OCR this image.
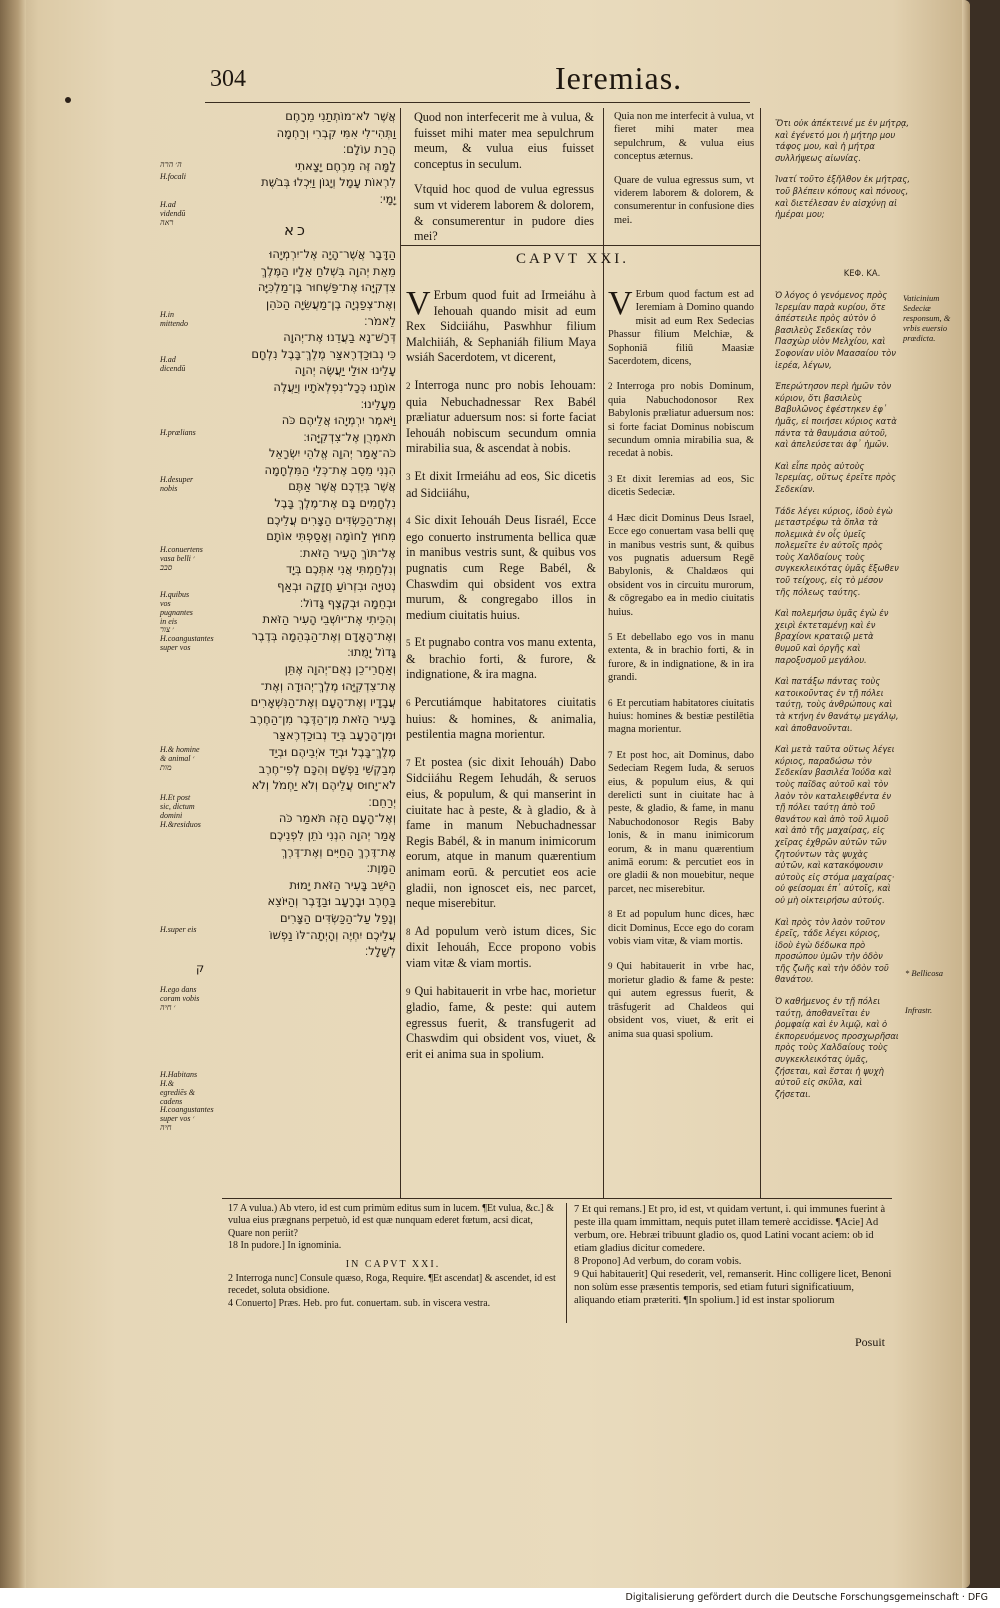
304	Ieremias.
אֲשֶׁר לֹא־מוֹתְתַנִי מֵרָחֶם
וַתְּהִי־לִי אִמִּי קִבְרִי וְרַחְמָה
הֲרַת עוֹלָם׃
לָמָּה זֶּה מֵרֶחֶם יָצָאתִי
לִרְאוֹת עָמָל וְיָגוֹן וַיִּכְלוּ בְּבֹשֶׁת
יָמָי׃
כא
הַדָּבָר אֲשֶׁר־הָיָה אֶל־יִרְמְיָהוּ
מֵאֵת יְהוָה בִּשְׁלֹחַ אֵלָיו הַמֶּלֶךְ
צִדְקִיָּהוּ אֶת־פַּשְׁחוּר בֶּן־מַלְכִּיָּה
וְאֶת־צְפַנְיָה בֶן־מַעֲשֵׂיָה הַכֹּהֵן
לֵאמֹר׃
דְּרָשׁ־נָא בַעֲדֵנוּ אֶת־יְהוָה
כִּי נְבוּכַדְרֶאצַּר מֶלֶךְ־בָּבֶל נִלְחָם
עָלֵינוּ אוּלַי יַעֲשֶׂה יְהוָה
אוֹתָנוּ כְּכָל־נִפְלְאֹתָיו וְיַעֲלֶה
מֵעָלֵינוּ׃
וַיֹּאמֶר יִרְמְיָהוּ אֲלֵיהֶם כֹּה
תֹאמְרֻן אֶל־צִדְקִיָּהוּ׃
כֹּה־אָמַר יְהוָה אֱלֹהֵי יִשְׂרָאֵל
הִנְנִי מֵסֵב אֶת־כְּלֵי הַמִּלְחָמָה
אֲשֶׁר בְּיֶדְכֶם אֲשֶׁר אַתֶּם
נִלְחָמִים בָּם אֶת־מֶלֶךְ בָּבֶל
וְאֶת־הַכַּשְׂדִּים הַצָּרִים עֲלֵיכֶם
מִחוּץ לַחוֹמָה וְאָסַפְתִּי אוֹתָם
אֶל־תּוֹךְ הָעִיר הַזֹּאת׃
וְנִלְחַמְתִּי אֲנִי אִתְּכֶם בְּיָד
נְטוּיָה וּבִזְרוֹעַ חֲזָקָה וּבְאַף
וּבְחֵמָה וּבְקֶצֶף גָּדוֹל׃
וְהִכֵּיתִי אֶת־יוֹשְׁבֵי הָעִיר הַזֹּאת
וְאֶת־הָאָדָם וְאֶת־הַבְּהֵמָה בְּדֶבֶר
גָּדוֹל יָמֻתוּ׃
וְאַחֲרֵי־כֵן נְאֻם־יְהוָה אֶתֵּן
אֶת־צִדְקִיָּהוּ מֶלֶךְ־יְהוּדָה וְאֶת־
עֲבָדָיו וְאֶת־הָעָם וְאֶת־הַנִּשְׁאָרִים
בָּעִיר הַזֹּאת מִן־הַדֶּבֶר מִן־הַחֶרֶב
וּמִן־הָרָעָב בְּיַד נְבוּכַדְרֶאצַּר
מֶלֶךְ־בָּבֶל וּבְיַד אֹיְבֵיהֶם וּבְיַד
מְבַקְשֵׁי נַפְשָׁם וְהִכָּם לְפִי־חֶרֶב
לֹא־יָחוּס עֲלֵיהֶם וְלֹא יַחְמֹל וְלֹא
יְרַחֵם׃
וְאֶל־הָעָם הַזֶּה תֹּאמַר כֹּה
אָמַר יְהוָה הִנְנִי נֹתֵן לִפְנֵיכֶם
אֶת־דֶּרֶךְ הַחַיִּים וְאֶת־דֶּרֶךְ
הַמָּוֶת׃
הַיֹּשֵׁב בָּעִיר הַזֹּאת יָמוּת
בַּחֶרֶב וּבָרָעָב וּבַדָּבֶר וְהַיּוֹצֵא
וְנָפַל עַל־הַכַּשְׂדִּים הַצָּרִים
עֲלֵיכֶם יִחְיֶה וְהָיְתָה־לּוֹ נַפְשׁוֹ
לְשָׁלָל׃
ק
ה׳ הרה
H.focali
H.ad videndū ראה
H.in mittendo
H.ad dicendū
H.prælians
H.desuper nobis
H.conuertens vasa belli ׳ סבב
H.quibus vos pugnantes in eis
׳ צור H.coangustantes super vos
H.& homine & animal ׳ מות
H.Et post sic, dictum domini
H.&residuos
H.super eis
H.ego dans coram vobis ׳ חיה
H.Habitans H.& egrediēs & cadens
H.coangustantes super vos ׳ חיה

Quod non interfecerit me à vulua, & fuisset mihi mater mea sepulchrum meum, & vulua eius fuisset conceptus in seculum.

Vtquid hoc quod de vulua egressus sum vt viderem laborem & dolorem, & consumerentur in pudore dies mei?

Quia non me interfecit à vulua, vt fieret mihi mater mea sepulchrum, & vulua eius conceptus æternus.

Quare de vulua egressus sum, vt viderem laborem & dolorem, & consumerentur in confusione dies mei.

CAPVT XXI.

V Erbum quod fuit ad Irmeiáhu à Iehouah quando misit ad eum Rex Sidciiáhu, Paswhhur filium Malchiiáh, & Sephaniáh filium Maya wsiáh Sacerdotem, vt dicerent,

2 Interroga nunc pro nobis Iehouam: quia Nebuchadnessar Rex Babél præliatur aduersum nos: si forte faciat Iehouáh nobiscum secundum omnia mirabilia sua, & ascendat à nobis.

3 Et dixit Irmeiáhu ad eos, Sic dicetis ad Sidciiáhu,

4 Sic dixit Iehouáh Deus Iisraél, Ecce ego conuerto instrumenta bellica quæ in manibus vestris sunt, & quibus vos pugnatis cum Rege Babél, & Chaswdim qui obsident vos extra murum, & congregabo illos in medium ciuitatis huius.

5 Et pugnabo contra vos manu extenta, & brachio forti, & furore, & indignatione, & ira magna.

6 Percutiámque habitatores ciuitatis huius: & homines, & animalia, pestilentia magna morientur.

7 Et postea (sic dixit Iehouáh) Dabo Sidciiáhu Regem Iehudáh, & seruos eius, & populum, & qui manserint in ciuitate hac à peste, & à gladio, & à fame in manum Nebuchadnessar Regis Babél, & in manum inimicorum eorum, atque in manum quærentium animam eorū. & percutiet eos acie gladii, non ignoscet eis, nec parcet, neque miserebitur.

8 Ad populum verò istum dices, Sic dixit Iehouáh, Ecce propono vobis viam vitæ & viam mortis.

9 Qui habitauerit in vrbe hac, morietur gladio, fame, & peste: qui autem egressus fuerit, & transfugerit ad Chaswdim qui obsident vos, viuet, & erit ei anima sua in spolium.

V Erbum quod factum est ad Ieremiam à Domino quando misit ad eum Rex Sedecias Phassur filium Melchiæ, & Sophoniā filiū Maasiæ Sacerdotem, dicens,

2 Interroga pro nobis Dominum, quia Nabuchodonosor Rex Babylonis præliatur aduersum nos: si forte faciat Dominus nobiscum secundum omnia mirabilia sua, & recedat à nobis.

3 Et dixit Ieremias ad eos, Sic dicetis Sedeciæ.

4 Hæc dicit Dominus Deus Israel, Ecce ego conuertam vasa belli quę in manibus vestris sunt, & quibus vos pugnatis aduersum Regē Babylonis, & Chaldæos qui obsident vos in circuitu murorum, & cōgregabo ea in medio ciuitatis huius.

5 Et debellabo ego vos in manu extenta, & in brachio forti, & in furore, & in indignatione, & in ira grandi.

6 Et percutiam habitatores ciuitatis huius: homines & bestiæ pestilētia magna morientur.

7 Et post hoc, ait Dominus, dabo Sedeciam Regem Iuda, & seruos eius, & populum eius, & qui derelicti sunt in ciuitate hac à peste, & gladio, & fame, in manu Nabuchodonosor Regis Baby lonis, & in manu inimicorum eorum, & in manu quærentium animā eorum: & percutiet eos in ore gladii & non mouebitur, neque parcet, nec miserebitur.

8 Et ad populum hunc dices, hæc dicit Dominus, Ecce ego do coram vobis viam vitæ, & viam mortis.

9 Qui habitauerit in vrbe hac, morietur gladio & fame & peste: qui autem egressus fuerit, & trāsfugerit ad Chaldeos qui obsident vos, viuet, & erit ei anima sua quasi spolium.

Ὅτι οὐκ ἀπέκτεινέ με ἐν μήτρᾳ, καὶ ἐγένετό μοι ἡ μήτηρ μου τάφος μου, καὶ ἡ μήτρα συλλήψεως αἰωνίας.

Ἱνατί τοῦτο ἐξῆλθον ἐκ μήτρας, τοῦ βλέπειν κόπους καὶ πόνους, καὶ διετέλεσαν ἐν αἰσχύνῃ αἱ ἡμέραι μου;

ΚΕΦ. ΚΑ.

Ὁ λόγος ὁ γενόμενος πρὸς Ἱερεμίαν παρὰ κυρίου, ὅτε ἀπέστειλε πρὸς αὐτὸν ὁ βασιλεὺς Σεδεκίας τὸν Πασχὼρ υἱὸν Μελχίου, καὶ Σοφονίαν υἱὸν Μαασαίου τὸν ἱερέα, λέγων,

Ἐπερώτησον περὶ ἡμῶν τὸν κύριον, ὅτι βασιλεὺς Βαβυλῶνος ἐφέστηκεν ἐφ᾽ ἡμᾶς, εἰ ποιήσει κύριος κατὰ πάντα τὰ θαυμάσια αὐτοῦ, καὶ ἀπελεύσεται ἀφ᾽ ἡμῶν.

Καὶ εἶπε πρὸς αὐτοὺς Ἱερεμίας, οὕτως ἐρεῖτε πρὸς Σεδεκίαν.

Τάδε λέγει κύριος, ἰδοὺ ἐγὼ μεταστρέφω τὰ ὅπλα τὰ πολεμικὰ ἐν οἷς ὑμεῖς πολεμεῖτε ἐν αὐτοῖς πρὸς τοὺς Χαλδαίους τοὺς συγκεκλεικότας ὑμᾶς ἔξωθεν τοῦ τείχους, εἰς τὸ μέσον τῆς πόλεως ταύτης.

Καὶ πολεμήσω ὑμᾶς ἐγὼ ἐν χειρὶ ἐκτεταμένῃ καὶ ἐν βραχίονι κραταιῷ μετὰ θυμοῦ καὶ ὀργῆς καὶ παροξυσμοῦ μεγάλου.

Καὶ πατάξω πάντας τοὺς κατοικοῦντας ἐν τῇ πόλει ταύτῃ, τοὺς ἀνθρώπους καὶ τὰ κτήνη ἐν θανάτῳ μεγάλῳ, καὶ ἀποθανοῦνται.

Καὶ μετὰ ταῦτα οὕτως λέγει κύριος, παραδώσω τὸν Σεδεκίαν βασιλέα Ἰούδα καὶ τοὺς παῖδας αὐτοῦ καὶ τὸν λαὸν τὸν καταλειφθέντα ἐν τῇ πόλει ταύτῃ ἀπὸ τοῦ θανάτου καὶ ἀπὸ τοῦ λιμοῦ καὶ ἀπὸ τῆς μαχαίρας, εἰς χεῖρας ἐχθρῶν αὐτῶν τῶν ζητούντων τὰς ψυχὰς αὐτῶν, καὶ κατακόψουσιν αὐτοὺς εἰς στόμα μαχαίρας· οὐ φείσομαι ἐπ᾽ αὐτοῖς, καὶ οὐ μὴ οἰκτειρήσω αὐτούς.

Καὶ πρὸς τὸν λαὸν τοῦτον ἐρεῖς, τάδε λέγει κύριος, ἰδοὺ ἐγὼ δέδωκα πρὸ προσώπου ὑμῶν τὴν ὁδὸν τῆς ζωῆς καὶ τὴν ὁδὸν τοῦ θανάτου.

Ὁ καθήμενος ἐν τῇ πόλει ταύτῃ, ἀποθανεῖται ἐν ῥομφαίᾳ καὶ ἐν λιμῷ, καὶ ὁ ἐκπορευόμενος προσχωρῆσαι πρὸς τοὺς Χαλδαίους τοὺς συγκεκλεικότας ὑμᾶς, ζήσεται, καὶ ἔσται ἡ ψυχὴ αὐτοῦ εἰς σκῦλα, καὶ ζήσεται.

Vaticinium Sedeciæ responsum, & vrbis euersio prædicta.
* Bellicosa
Infrastr.
17 A vulua.) Ab vtero, id est cum primùm editus sum in lucem. ¶Et vulua, &c.] & vulua eius prægnans perpetuò, id est quæ nunquam ederet fœtum, acsi dicat, Quare non periit?
18 In pudore.] In ignominia.
IN CAPVT XXI.
2 Interroga nunc] Consule quæso, Roga, Require. ¶Et ascendat] & ascendet, id est recedet, soluta obsidione.
4 Conuerto] Præs. Heb. pro fut. conuertam. sub. in viscera vestra.
7 Et qui remans.] Et pro, id est, vt quidam vertunt, i. qui immunes fuerint à peste illa quam immittam, nequis putet illam temerè accidisse. ¶Acie] Ad verbum, ore. Hebræi tribuunt gladio os, quod Latini vocant aciem: ob id etiam gladius dicitur comedere.
8 Propono] Ad verbum, do coram vobis.
9 Qui habitauerit] Qui resederit, vel, remanserit. Hinc colligere licet, Benoni non solùm esse præsentis temporis, sed etiam futuri significatiuum, aliquando etiam præteriti. ¶In spolium.] id est instar spoliorum
Posuit
Digitalisierung gefördert durch die Deutsche Forschungsgemeinschaft · DFG
